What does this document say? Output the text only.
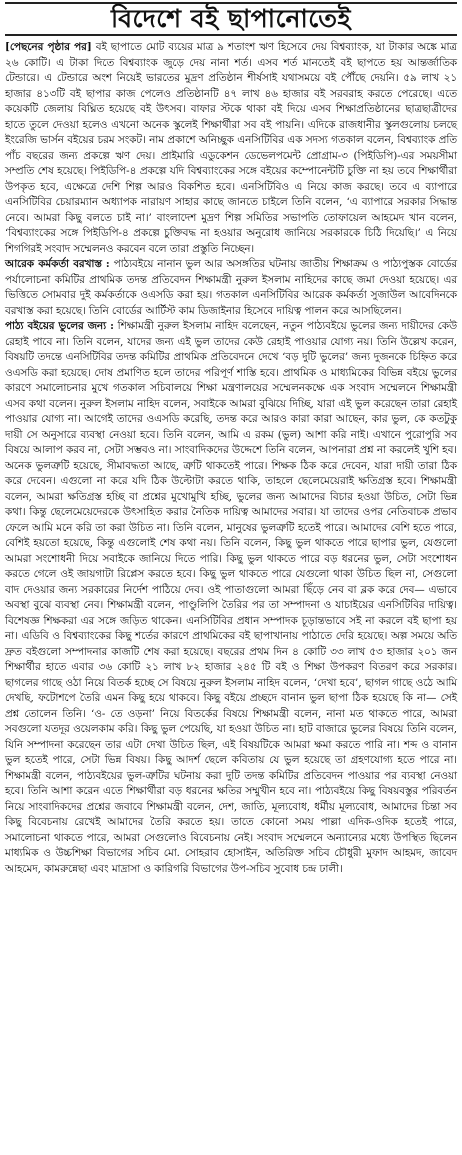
বিদেশে বই ছাপানোতেই

[পেছনের পৃষ্ঠার পর] বই ছাপাতে মোট ব্যয়ের মাত্র ৯ শতাংশ ঋণ হিসেবে দেয় বিশ্বব্যাংক, যা টাকার অঙ্কে মাত্র ২৬ কোটি। এ টাকা দিতে বিশ্বব্যাংক জুড়ে দেয় নানা শর্ত। এসব শর্ত মানতেই বই ছাপতে হয় আন্তর্জাতিক টেন্ডারে। এ টেন্ডারে অংশ নিয়েই ভারতের মুদ্রণ প্রতিষ্ঠান শীর্ষসাই যথাসময়ে বই পৌঁছে দেয়নি। ৫৯ লাখ ২১ হাজার ৪১৩টি বই ছাপার কাজ পেলেও প্রতিষ্ঠানটি ৪৭ লাখ ৪৬ হাজার বই সরবরাহ করতে পেরেছে। এতে কয়েকটি জেলায় বিঘ্নিত হয়েছে বই উৎসব। বাফার স্টকে থাকা বই দিয়ে এসব শিক্ষাপ্রতিষ্ঠানের ছাত্রছাত্রীদের হাতে তুলে দেওয়া হলেও এখনো অনেক স্কুলেই শিক্ষার্থীরা সব বই পায়নি। এদিকে রাজধানীর স্কুলগুলোয় চলছে ইংরেজি ভার্সন বইয়ের চরম সংকট। নাম প্রকাশে অনিচ্ছুক এনসিটিবির এক সদস্য গতকাল বলেন, বিশ্বব্যাংক প্রতি পাঁচ বছরের জন্য প্রকল্পে ঋণ দেয়। প্রাইমারি এডুকেশন ডেভেলপমেন্ট প্রোগ্রাম-৩ (পিইডিপি)-এর সময়সীমা সম্প্রতি শেষ হয়েছে। পিইডিপি-৪ প্রকল্পে যদি বিশ্বব্যাংকের সঙ্গে বইয়ের কম্পোনেন্টটি চুক্তি না হয় তবে শিক্ষার্থীরা উপকৃত হবে, এক্ষেত্রে দেশি শিল্প আরও বিকশিত হবে। এনসিটিবিও এ নিয়ে কাজ করছে। তবে এ ব্যাপারে এনসিটিবির চেয়ারম্যান অধ্যাপক নারায়ণ সাহার কাছে জানতে চাইলে তিনি বলেন, ‘এ ব্যাপারে সরকার সিদ্ধান্ত নেবে। আমরা কিছু বলতে চাই না।’ বাংলাদেশ মুদ্রণ শিল্প সমিতির সভাপতি তোফায়েল আহমেদ খান বলেন, ‘বিশ্বব্যাংকের সঙ্গে পিইডিপি-৪ প্রকল্পে চুক্তিবদ্ধ না হওয়ার অনুরোধ জানিয়ে সরকারকে চিঠি দিয়েছি।’ এ নিয়ে শিগগিরই সংবাদ সম্মেলনও করবেন বলে তারা প্রস্তুতি নিচ্ছেন।

আরেক কর্মকর্তা বরখাস্ত : পাঠ্যবইয়ে নানান ভুল আর অসঙ্গতির ঘটনায় জাতীয় শিক্ষাক্রম ও পাঠ্যপুস্তক বোর্ডের পর্যালোচনা কমিটির প্রাথমিক তদন্ত প্রতিবেদন শিক্ষামন্ত্রী নুরুল ইসলাম নাহিদের কাছে জমা দেওয়া হয়েছে। এর ভিত্তিতে সোমবার দুই কর্মকর্তাকে ওএসডি করা হয়। গতকাল এনসিটিবির আরেক কর্মকর্তা সুজাউল আবেদিনকে বরখাস্ত করা হয়েছে। তিনি বোর্ডের আর্টিস্ট কাম ডিজাইনার হিসেবে দায়িত্ব পালন করে আসছিলেন।

পাঠ্য বইয়ের ভুলের জন্য : শিক্ষামন্ত্রী নুরুল ইসলাম নাহিদ বলেছেন, নতুন পাঠ্যবইয়ে ভুলের জন্য দায়ীদের কেউ রেহাই পাবে না। তিনি বলেন, যাদের জন্য এই ভুল তাদের কেউ রেহাই পাওয়ার যোগ্য নয়। তিনি উল্লেখ করেন, বিষয়টি তদন্তে এনসিটিবির তদন্ত কমিটির প্রাথমিক প্রতিবেদনে দেখে ‘বড় দুটি ভুলের’ জন্য দুজনকে চিহ্নিত করে ওএসডি করা হয়েছে। দোষ প্রমাণিত হলে তাদের পরিপূর্ণ শাস্তি হবে। প্রাথমিক ও মাধ্যমিকের বিভিন্ন বইয়ে ভুলের কারণে সমালোচনার মুখে গতকাল সচিবালয়ে শিক্ষা মন্ত্রণালয়ের সম্মেলনকক্ষে এক সংবাদ সম্মেলনে শিক্ষামন্ত্রী এসব কথা বলেন। নুরুল ইসলাম নাহিদ বলেন, সবাইকে আমরা বুঝিয়ে দিচ্ছি, যারা এই ভুল করেছেন তারা রেহাই পাওয়ার যোগ্য না। আগেই তাদের ওএসডি করেছি, তদন্ত করে আরও কারা কারা আছেন, কার ভুল, কে কতটুকু দায়ী সে অনুসারে ব্যবস্থা নেওয়া হবে। তিনি বলেন, আমি এ রকম (ভুল) আশা করি নাই। এখানে পুরোপুরি সব বিষয়ে আলাপ করব না, সেটা সম্ভবও না। সাংবাদিকদের উদ্দেশে তিনি বলেন, আপনারা প্রশ্ন না করলেই খুশি হব। অনেক ভুলত্রুটি হয়েছে, সীমাবদ্ধতা আছে, ত্রুটি থাকতেই পারে। শিক্ষক ঠিক করে দেবেন, যারা দায়ী তারা ঠিক করে দেবেন। এগুলো না করে যদি ঠিক উল্টোটা করতে থাকি, তাহলে ছেলেমেয়েরাই ক্ষতিগ্রস্ত হবে। শিক্ষামন্ত্রী বলেন, আমরা ক্ষতিগ্রস্ত হচ্ছি বা প্রশ্নের মুখোমুখি হচ্ছি, ভুলের জন্য আমাদের বিচার হওয়া উচিত, সেটা ভিন্ন কথা। কিন্তু ছেলেমেয়েদেরকে উৎসাহিত করার নৈতিক দায়িত্ব আমাদের সবার। যা তাদের ওপর নেতিবাচক প্রভাব ফেলে আমি মনে করি তা করা উচিত না। তিনি বলেন, মানুষের ভুলত্রুটি হতেই পারে। আমাদের বেশি হতে পারে, বেশিই হয়তো হয়েছে, কিন্তু এগুলোই শেষ কথা নয়। তিনি বলেন, কিছু ভুল থাকতে পারে ছাপার ভুল, যেগুলো আমরা সংশোধনী দিয়ে সবাইকে জানিয়ে দিতে পারি। কিছু ভুল থাকতে পারে বড় ধরনের ভুল, সেটা সংশোধন করতে গেলে ওই জায়গাটা রিপ্লেস করতে হবে। কিছু ভুল থাকতে পারে যেগুলো থাকা উচিত ছিল না, সেগুলো বাদ দেওয়ার জন্য সরকারের নির্দেশ পাঠিয়ে দেব। ওই পাতাগুলো আমরা ছিঁড়ে নেব বা ব্লক করে দেব— এভাবে অবস্থা বুঝে ব্যবস্থা নেব। শিক্ষামন্ত্রী বলেন, পাণ্ডুলিপি তৈরির পর তা সম্পাদনা ও যাচাইয়ের এনসিটিবির দায়িত্ব। বিশেষজ্ঞ শিক্ষকরা এর সঙ্গে জড়িত থাকেন। এনসিটিবির প্রধান সম্পাদক চূড়ান্তভাবে সই না করলে বই ছাপা হয় না। এডিবি ও বিশ্বব্যাংকের কিছু শর্তের কারণে প্রাথমিকের বই ছাপাখানায় পাঠাতে দেরি হয়েছে। অল্প সময়ে অতি দ্রুত বইগুলো সম্পাদনার কাজটি শেষ করা হয়েছে। বছরের প্রথম দিন ৪ কোটি ৩৩ লাখ ৫৩ হাজার ২০১ জন শিক্ষার্থীর হাতে এবার ৩৬ কোটি ২১ লাখ ৮২ হাজার ২৪৫ টি বই ও শিক্ষা উপকরণ বিতরণ করে সরকার। ছাগলের গাছে ওঠা নিয়ে বিতর্ক হচ্ছে সে বিষয়ে নুরুল ইসলাম নাহিদ বলেন, ‘দেখা হবে’, ছাগল গাছে ওঠে আমি দেখছি, ফটোশপে তৈরি এমন কিছু হয়ে থাকবে। কিছু বইয়ে প্রচ্ছদে বানান ভুল ছাপা ঠিক হয়েছে কি না— সেই প্রশ্ন তোলেন তিনি। ‘ও- তে ওড়না’ নিয়ে বিতর্কের বিষয়ে শিক্ষামন্ত্রী বলেন, নানা মত থাকতে পারে, আমরা সবগুলো যতদূর ওয়েলকাম করি। কিছু ভুল পেয়েছি, যা হওয়া উচিত না। হাট বাজারে ভুলের বিষয়ে তিনি বলেন, যিনি সম্পাদনা করেছেন তার এটা দেখা উচিত ছিল, এই বিষয়টিকে আমরা ক্ষমা করতে পারি না। শব্দ ও বানান ভুল হতেই পারে, সেটা ভিন্ন বিষয়। কিছু আদর্শ ছেলে কবিতায় যে ভুল হয়েছে তা গ্রহণযোগ্য হতে পারে না। শিক্ষামন্ত্রী বলেন, পাঠ্যবইয়ের ভুল-ত্রুটির ঘটনায় করা দুটি তদন্ত কমিটির প্রতিবেদন পাওয়ার পর ব্যবস্থা নেওয়া হবে। তিনি আশা করেন এতে শিক্ষার্থীরা বড় ধরনের ক্ষতির সম্মুখীন হবে না। পাঠ্যবইয়ে কিছু বিষয়বস্তুর পরিবর্তন নিয়ে সাংবাদিকদের প্রশ্নের জবাবে শিক্ষামন্ত্রী বলেন, দেশ, জাতি, মূল্যবোধ, ধর্মীয় মূল্যবোধ, আমাদের চিন্তা সব কিছু বিবেচনায় রেখেই আমাদের তৈরি করতে হয়। তাতে কোনো সময় পাল্লা এদিক-ওদিক হতেই পারে, সমালোচনা থাকতে পারে, আমরা সেগুলোও বিবেচনায় নেই। সংবাদ সম্মেলনে অন্যান্যের মধ্যে উপস্থিত ছিলেন মাধ্যমিক ও উচ্চশিক্ষা বিভাগের সচিব মো. সোহরাব হোসাইন, অতিরিক্ত সচিব চৌধুরী মুফাদ আহমদ, জাবেদ আহমেদ, কামরুন্নেছা এবং মাদ্রাসা ও কারিগরি বিভাগের উপ-সচিব সুবোধ চন্দ্র ঢালী।
